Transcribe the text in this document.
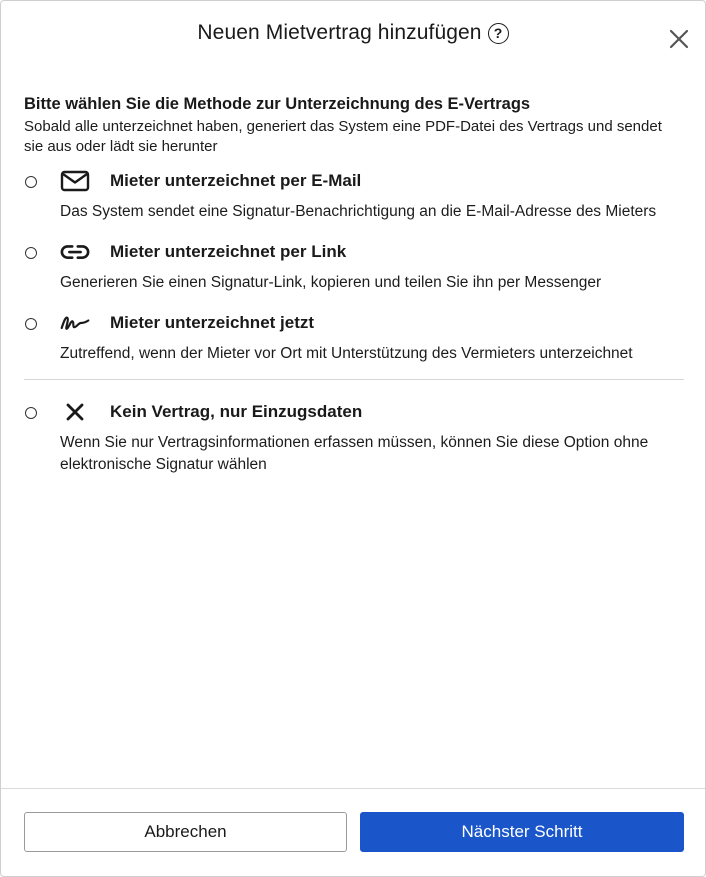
Neuen Mietvertrag hinzufügen ?
Bitte wählen Sie die Methode zur Unterzeichnung des E-Vertrags
Sobald alle unterzeichnet haben, generiert das System eine PDF-Datei des Vertrags und sendet sie aus oder lädt sie herunter
Mieter unterzeichnet per E-Mail
Das System sendet eine Signatur-Benachrichtigung an die E-Mail-Adresse des Mieters
Mieter unterzeichnet per Link
Generieren Sie einen Signatur-Link, kopieren und teilen Sie ihn per Messenger
Mieter unterzeichnet jetzt
Zutreffend, wenn der Mieter vor Ort mit Unterstützung des Vermieters unterzeichnet
Kein Vertrag, nur Einzugsdaten
Wenn Sie nur Vertragsinformationen erfassen müssen, können Sie diese Option ohne elektronische Signatur wählen
Abbrechen	Nächster Schritt
